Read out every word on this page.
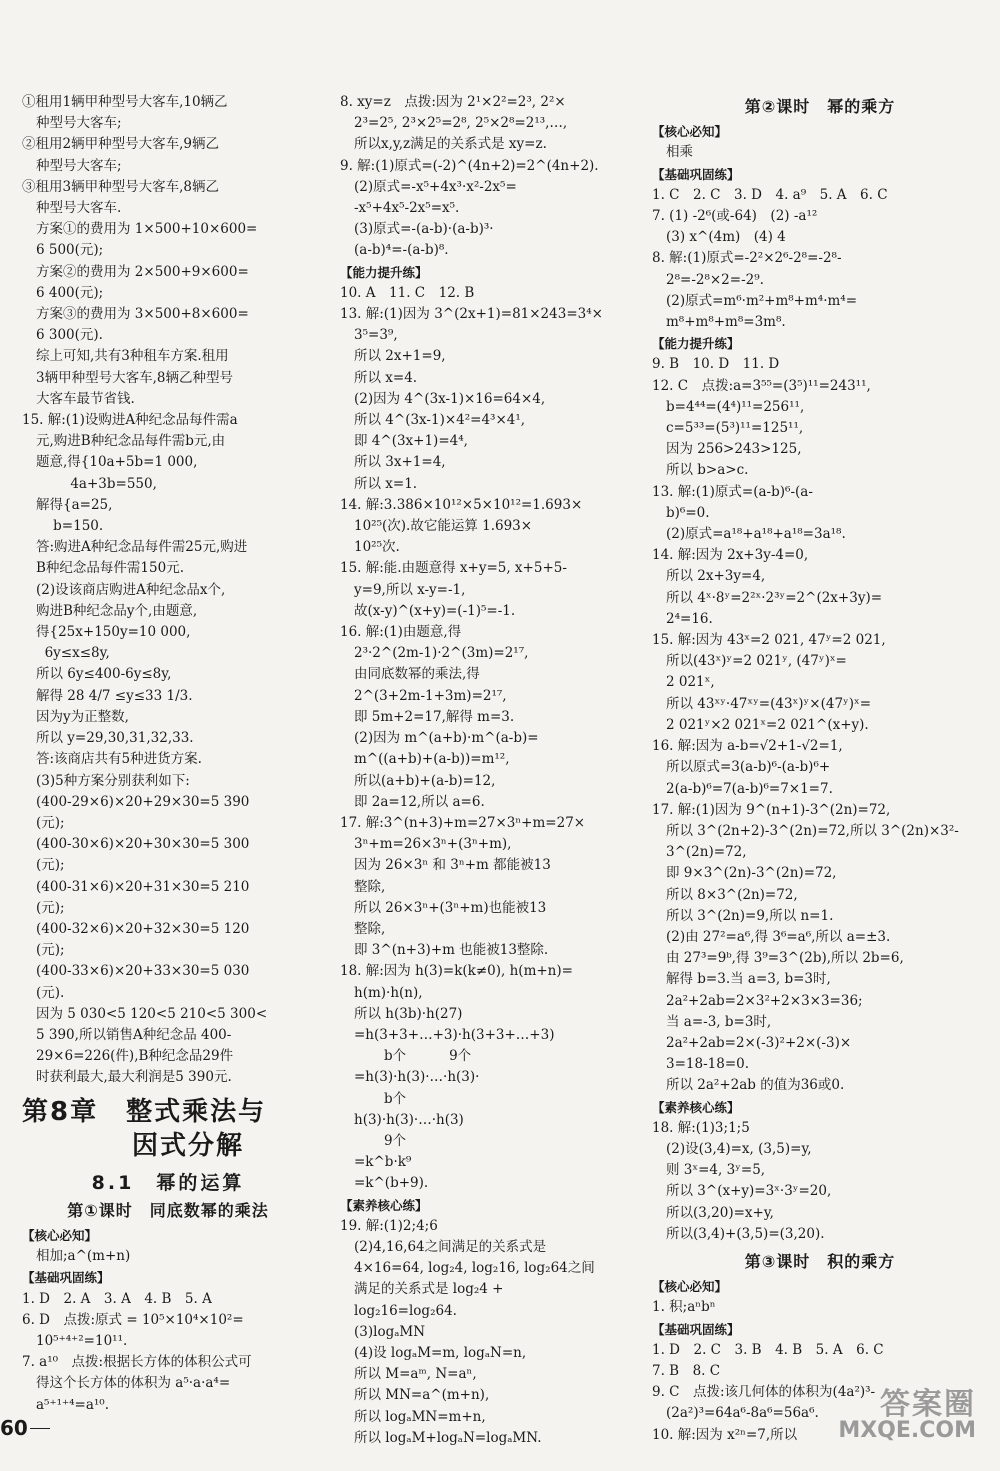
①租用1辆甲种型号大客车,10辆乙
种型号大客车;
②租用2辆甲种型号大客车,9辆乙
种型号大客车;
③租用3辆甲种型号大客车,8辆乙
种型号大客车.
方案①的费用为 1×500+10×600=
6 500(元);
方案②的费用为 2×500+9×600=
6 400(元);
方案③的费用为 3×500+8×600=
6 300(元).
综上可知,共有3种租车方案.租用
3辆甲种型号大客车,8辆乙种型号
大客车最节省钱.
15. 解:(1)设购进A种纪念品每件需a
元,购进B种纪念品每件需b元,由
题意,得{10a+5b=1 000,
4a+3b=550,
解得{a=25,
b=150.
答:购进A种纪念品每件需25元,购进
B种纪念品每件需150元.
(2)设该商店购进A种纪念品x个,
购进B种纪念品y个,由题意,
得{25x+150y=10 000,
6y≤x≤8y,
所以 6y≤400-6y≤8y,
解得 28 4/7 ≤y≤33 1/3.
因为y为正整数,
所以 y=29,30,31,32,33.
答:该商店共有5种进货方案.
(3)5种方案分别获利如下:
(400-29×6)×20+29×30=5 390
(元);
(400-30×6)×20+30×30=5 300
(元);
(400-31×6)×20+31×30=5 210
(元);
(400-32×6)×20+32×30=5 120
(元);
(400-33×6)×20+33×30=5 030
(元).
因为 5 030<5 120<5 210<5 300<
5 390,所以销售A种纪念品 400-
29×6=226(件),B种纪念品29件
时获利最大,最大利润是5 390元.
第8章　整式乘法与
因式分解
8.1　幂的运算
第①课时　同底数幂的乘法
【核心必知】
相加;a^(m+n)
【基础巩固练】
1. D　2. A　3. A　4. B　5. A
6. D　点拨:原式 = 10⁵×10⁴×10²=
10⁵⁺⁴⁺²=10¹¹.
7. a¹⁰　点拨:根据长方体的体积公式可
得这个长方体的体积为 a⁵·a·a⁴=
a⁵⁺¹⁺⁴=a¹⁰.
8. xy=z　点拨:因为 2¹×2²=2³, 2²×
2³=2⁵, 2³×2⁵=2⁸, 2⁵×2⁸=2¹³,…,
所以x,y,z满足的关系式是 xy=z.
9. 解:(1)原式=(-2)^(4n+2)=2^(4n+2).
(2)原式=-x⁵+4x³·x²-2x⁵=
-x⁵+4x⁵-2x⁵=x⁵.
(3)原式=-(a-b)·(a-b)³·
(a-b)⁴=-(a-b)⁸.
【能力提升练】
10. A　11. C　12. B
13. 解:(1)因为 3^(2x+1)=81×243=3⁴×
3⁵=3⁹,
所以 2x+1=9,
所以 x=4.
(2)因为 4^(3x-1)×16=64×4,
所以 4^(3x-1)×4²=4³×4¹,
即 4^(3x+1)=4⁴,
所以 3x+1=4,
所以 x=1.
14. 解:3.386×10¹²×5×10¹²=1.693×
10²⁵(次).故它能运算 1.693×
10²⁵次.
15. 解:能.由题意得 x+y=5, x+5+5-
y=9,所以 x-y=-1,
故(x-y)^(x+y)=(-1)⁵=-1.
16. 解:(1)由题意,得
2³·2^(2m-1)·2^(3m)=2¹⁷,
由同底数幂的乘法,得
2^(3+2m-1+3m)=2¹⁷,
即 5m+2=17,解得 m=3.
(2)因为 m^(a+b)·m^(a-b)=
m^((a+b)+(a-b))=m¹²,
所以(a+b)+(a-b)=12,
即 2a=12,所以 a=6.
17. 解:3^(n+3)+m=27×3ⁿ+m=27×
3ⁿ+m=26×3ⁿ+(3ⁿ+m),
因为 26×3ⁿ 和 3ⁿ+m 都能被13
整除,
所以 26×3ⁿ+(3ⁿ+m)也能被13
整除,
即 3^(n+3)+m 也能被13整除.
18. 解:因为 h(3)=k(k≠0), h(m+n)=
h(m)·h(n),
所以 h(3b)·h(27)
=h(3+3+…+3)·h(3+3+…+3)
b个          9个
=h(3)·h(3)·…·h(3)·
b个
h(3)·h(3)·…·h(3)
9个
=k^b·k⁹
=k^(b+9).
【素养核心练】
19. 解:(1)2;4;6
(2)4,16,64之间满足的关系式是
4×16=64, log₂4, log₂16, log₂64之间
满足的关系式是 log₂4 +
log₂16=log₂64.
(3)logₐMN
(4)设 logₐM=m, logₐN=n,
所以 M=aᵐ, N=aⁿ,
所以 MN=a^(m+n),
所以 logₐMN=m+n,
所以 logₐM+logₐN=logₐMN.
第②课时　幂的乘方
【核心必知】
相乘
【基础巩固练】
1. C　2. C　3. D　4. a⁹　5. A　6. C
7. (1) -2⁶(或-64)　(2) -a¹²
(3) x^(4m)　(4) 4
8. 解:(1)原式=-2²×2⁶-2⁸=-2⁸-
2⁸=-2⁸×2=-2⁹.
(2)原式=m⁶·m²+m⁸+m⁴·m⁴=
m⁸+m⁸+m⁸=3m⁸.
【能力提升练】
9. B　10. D　11. D
12. C　点拨:a=3⁵⁵=(3⁵)¹¹=243¹¹,
b=4⁴⁴=(4⁴)¹¹=256¹¹,
c=5³³=(5³)¹¹=125¹¹,
因为 256>243>125,
所以 b>a>c.
13. 解:(1)原式=(a-b)⁶-(a-
b)⁶=0.
(2)原式=a¹⁸+a¹⁸+a¹⁸=3a¹⁸.
14. 解:因为 2x+3y-4=0,
所以 2x+3y=4,
所以 4ˣ·8ʸ=2²ˣ·2³ʸ=2^(2x+3y)=
2⁴=16.
15. 解:因为 43ˣ=2 021, 47ʸ=2 021,
所以(43ˣ)ʸ=2 021ʸ, (47ʸ)ˣ=
2 021ˣ,
所以 43ˣʸ·47ˣʸ=(43ˣ)ʸ×(47ʸ)ˣ=
2 021ʸ×2 021ˣ=2 021^(x+y).
16. 解:因为 a-b=√2+1-√2=1,
所以原式=3(a-b)⁶-(a-b)⁶+
2(a-b)⁶=7(a-b)⁶=7×1=7.
17. 解:(1)因为 9^(n+1)-3^(2n)=72,
所以 3^(2n+2)-3^(2n)=72,所以 3^(2n)×3²-
3^(2n)=72,
即 9×3^(2n)-3^(2n)=72,
所以 8×3^(2n)=72,
所以 3^(2n)=9,所以 n=1.
(2)由 27²=a⁶,得 3⁶=a⁶,所以 a=±3.
由 27³=9ᵇ,得 3⁹=3^(2b),所以 2b=6,
解得 b=3.当 a=3, b=3时,
2a²+2ab=2×3²+2×3×3=36;
当 a=-3, b=3时,
2a²+2ab=2×(-3)²+2×(-3)×
3=18-18=0.
所以 2a²+2ab 的值为36或0.
【素养核心练】
18. 解:(1)3;1;5
(2)设(3,4)=x, (3,5)=y,
则 3ˣ=4, 3ʸ=5,
所以 3^(x+y)=3ˣ·3ʸ=20,
所以(3,20)=x+y,
所以(3,4)+(3,5)=(3,20).
第③课时　积的乘方
【核心必知】
1. 积;aⁿbⁿ
【基础巩固练】
1. D　2. C　3. B　4. B　5. A　6. C
7. B　8. C
9. C　点拨:该几何体的体积为(4a²)³-
(2a²)³=64a⁶-8a⁶=56a⁶.
10. 解:因为 x²ⁿ=7,所以
60
答案圈
MXQE.COM
